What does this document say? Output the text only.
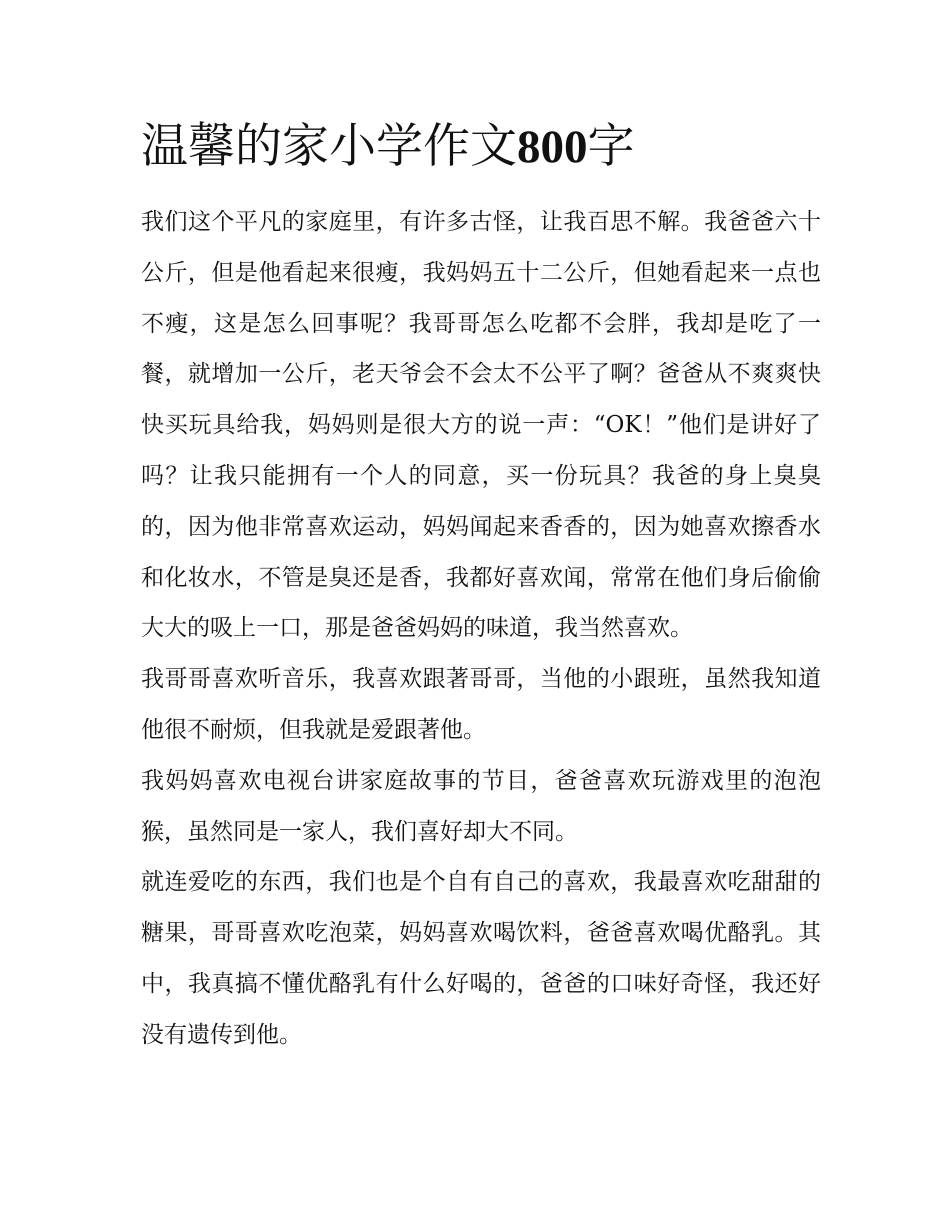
温馨的家小学作文800字

我们这个平凡的家庭里，有许多古怪，让我百思不解。我爸爸六十公斤，但是他看起来很瘦，我妈妈五十二公斤，但她看起来一点也不瘦，这是怎么回事呢？我哥哥怎么吃都不会胖，我却是吃了一餐，就增加一公斤，老天爷会不会太不公平了啊？爸爸从不爽爽快快买玩具给我，妈妈则是很大方的说一声：“OK！”他们是讲好了吗？让我只能拥有一个人的同意，买一份玩具？我爸的身上臭臭的，因为他非常喜欢运动，妈妈闻起来香香的，因为她喜欢擦香水和化妆水，不管是臭还是香，我都好喜欢闻，常常在他们身后偷偷大大的吸上一口，那是爸爸妈妈的味道，我当然喜欢。

我哥哥喜欢听音乐，我喜欢跟著哥哥，当他的小跟班，虽然我知道他很不耐烦，但我就是爱跟著他。

我妈妈喜欢电视台讲家庭故事的节目，爸爸喜欢玩游戏里的泡泡猴，虽然同是一家人，我们喜好却大不同。

就连爱吃的东西，我们也是个自有自己的喜欢，我最喜欢吃甜甜的糖果，哥哥喜欢吃泡菜，妈妈喜欢喝饮料，爸爸喜欢喝优酪乳。其中，我真搞不懂优酪乳有什么好喝的，爸爸的口味好奇怪，我还好没有遗传到他。
